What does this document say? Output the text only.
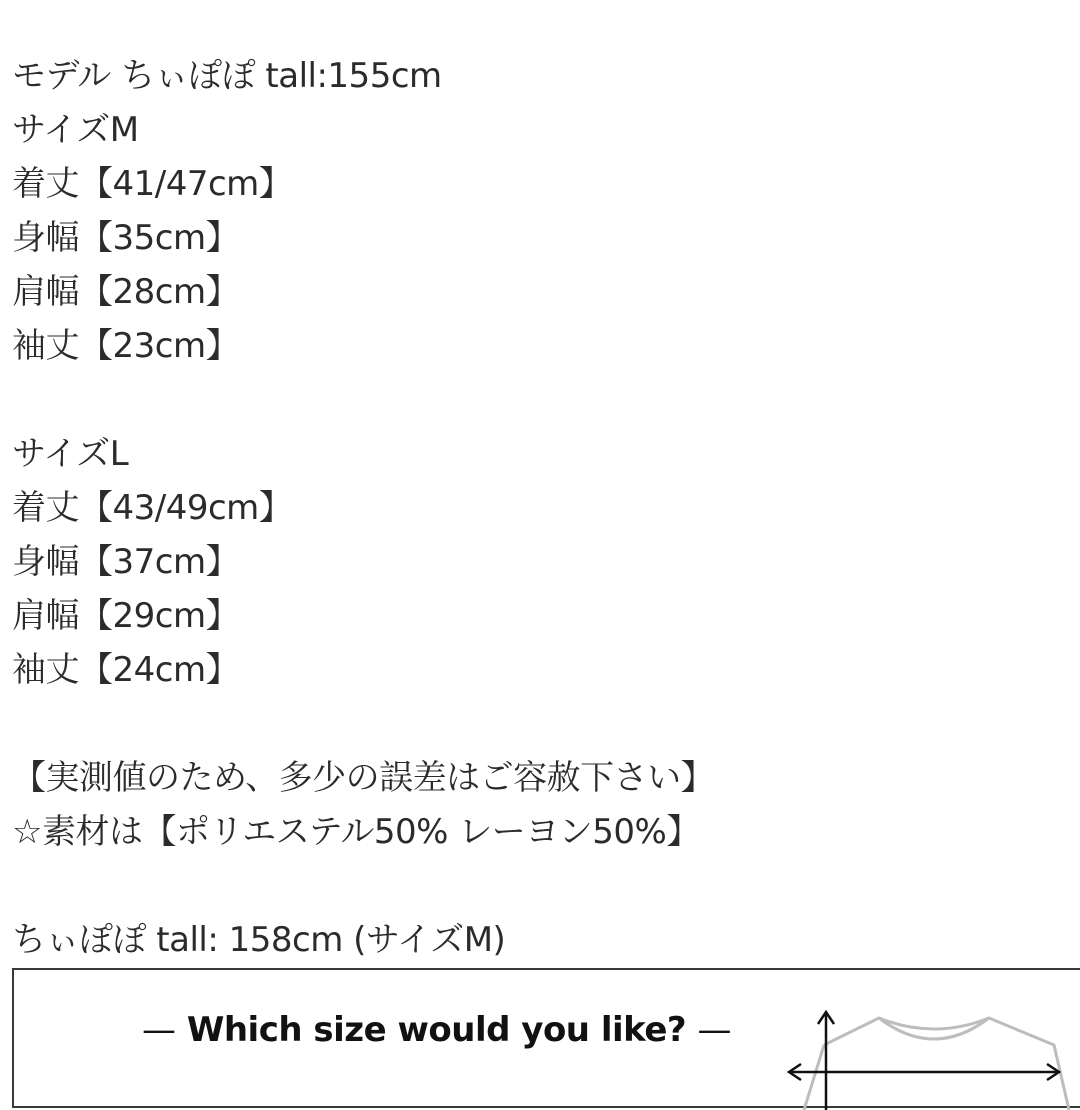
モデル ちぃぽぽ tall:155cm
サイズM
着丈【41/47cm】
身幅【35cm】
肩幅【28cm】
袖丈【23cm】
サイズL
着丈【43/49cm】
身幅【37cm】
肩幅【29cm】
袖丈【24cm】
【実測値のため、多少の誤差はご容赦下さい】
☆素材は【ポリエステル50% レーヨン50%】
ちぃぽぽ tall: 158cm (サイズM)
— Which size would you like? —
